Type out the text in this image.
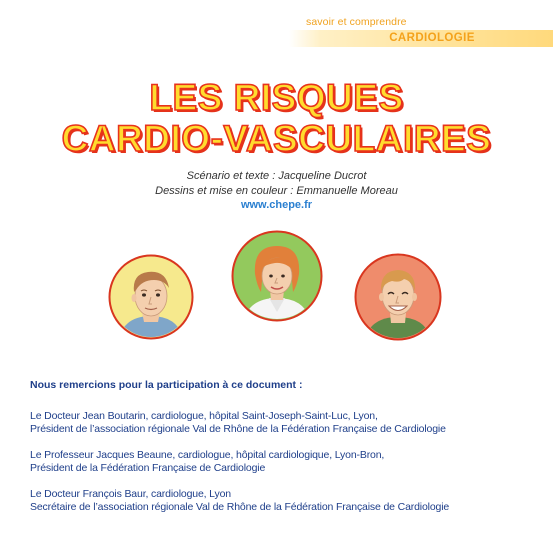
savoir et comprendre
CARDIOLOGIE
LES RISQUES
CARDIO-VASCULAIRES
Scénario et texte : Jacqueline Ducrot
Dessins et mise en couleur : Emmanuelle Moreau
www.chepe.fr
Nous remercions pour la participation à ce document :
Le Docteur Jean Boutarin, cardiologue, hôpital Saint-Joseph-Saint-Luc, Lyon,
Président de l’association régionale Val de Rhône de la Fédération Française de Cardiologie
Le Professeur Jacques Beaune, cardiologue, hôpital cardiologique, Lyon-Bron,
Président de la Fédération Française de Cardiologie
Le Docteur François Baur, cardiologue, Lyon
Secrétaire de l’association régionale Val de Rhône de la Fédération Française de Cardiologie
